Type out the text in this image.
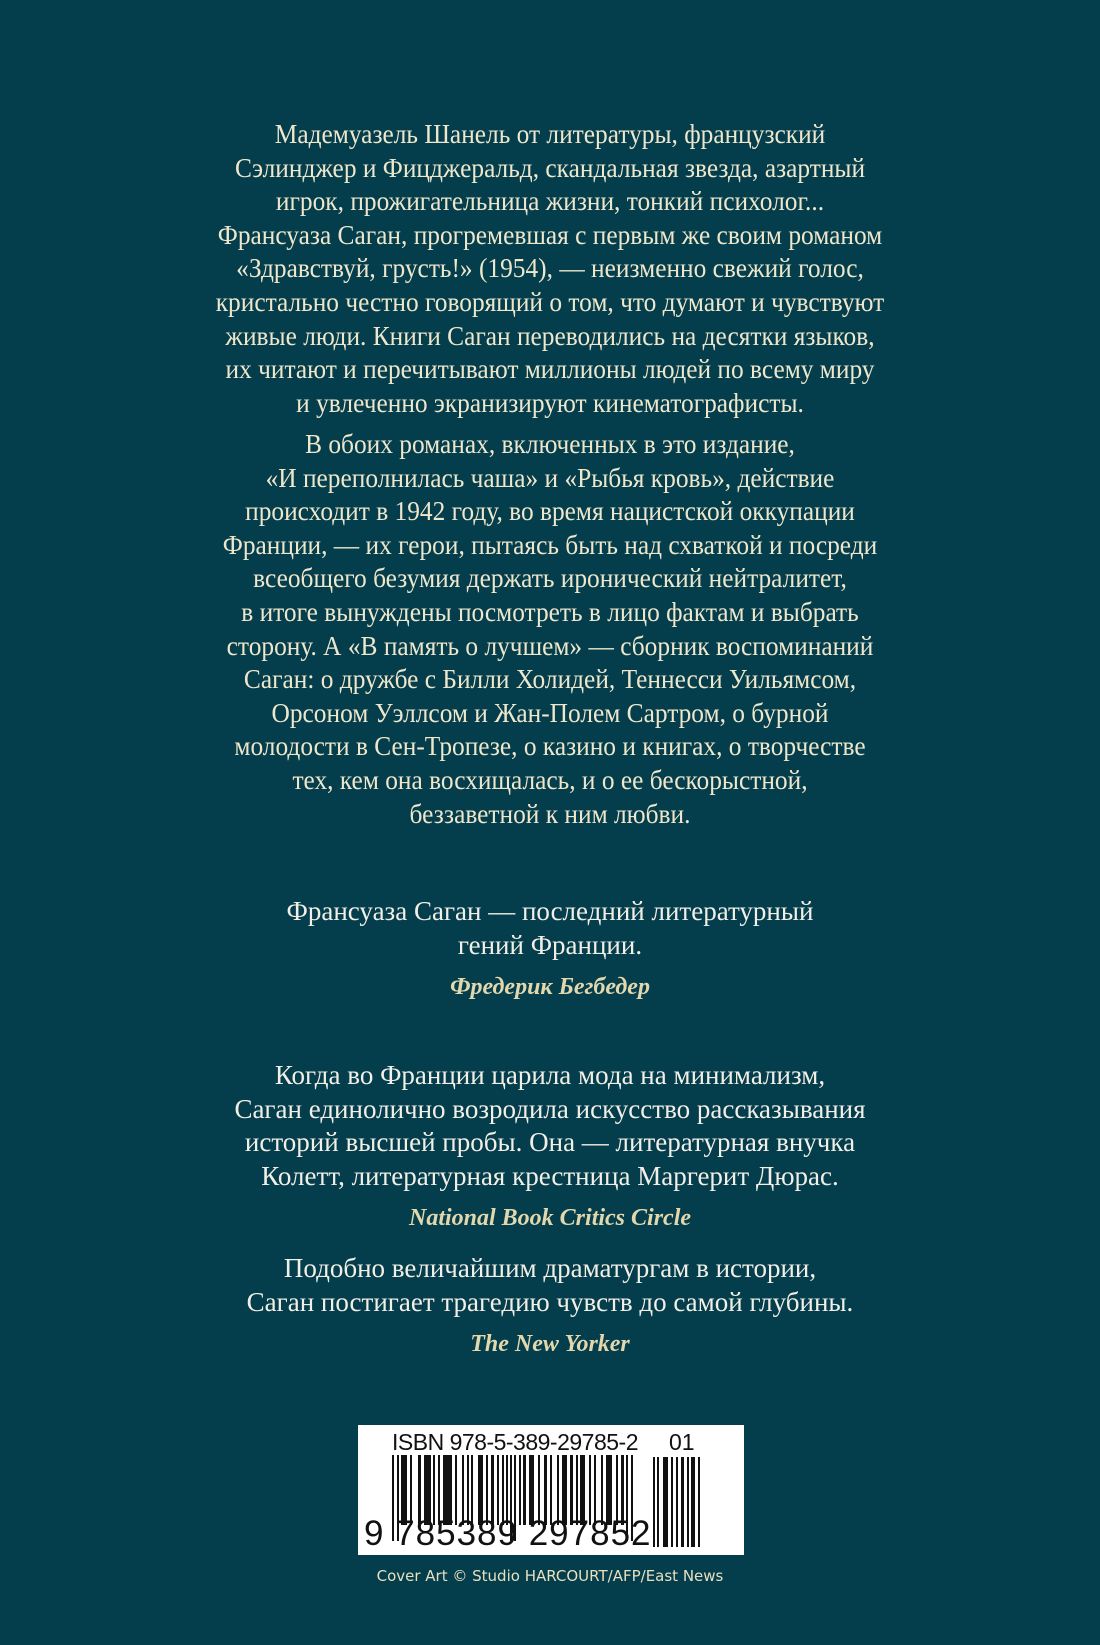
Мадемуазель Шанель от литературы, французский
Сэлинджер и Фицджеральд, скандальная звезда, азартный
игрок, прожигательница жизни, тонкий психолог...
Франсуаза Саган, прогремевшая с первым же своим романом
«Здравствуй, грусть!» (1954), — неизменно свежий голос,
кристально честно говорящий о том, что думают и чувствуют
живые люди. Книги Саган переводились на десятки языков,
их читают и перечитывают миллионы людей по всему миру
и увлеченно экранизируют кинематографисты.
В обоих романах, включенных в это издание,
«И переполнилась чаша» и «Рыбья кровь», действие
происходит в 1942 году, во время нацистской оккупации
Франции, — их герои, пытаясь быть над схваткой и посреди
всеобщего безумия держать иронический нейтралитет,
в итоге вынуждены посмотреть в лицо фактам и выбрать
сторону. А «В память о лучшем» — сборник воспоминаний
Саган: о дружбе с Билли Холидей, Теннесси Уильямсом,
Орсоном Уэллсом и Жан-Полем Сартром, о бурной
молодости в Сен-Тропезе, о казино и книгах, о творчестве
тех, кем она восхищалась, и о ее бескорыстной,
беззаветной к ним любви.
Франсуаза Саган — последний литературный
гений Франции.
Фредерик Бегбедер
Когда во Франции царила мода на минимализм,
Саган единолично возродила искусство рассказывания
историй высшей пробы. Она — литературная внучка
Колетт, литературная крестница Маргерит Дюрас.
National Book Critics Circle
Подобно величайшим драматургам в истории,
Саган постигает трагедию чувств до самой глубины.
The New Yorker
ISBN 978-5-389-29785-2 01
9 785389 297852
Cover Art © Studio HARCOURT/AFP/East News
